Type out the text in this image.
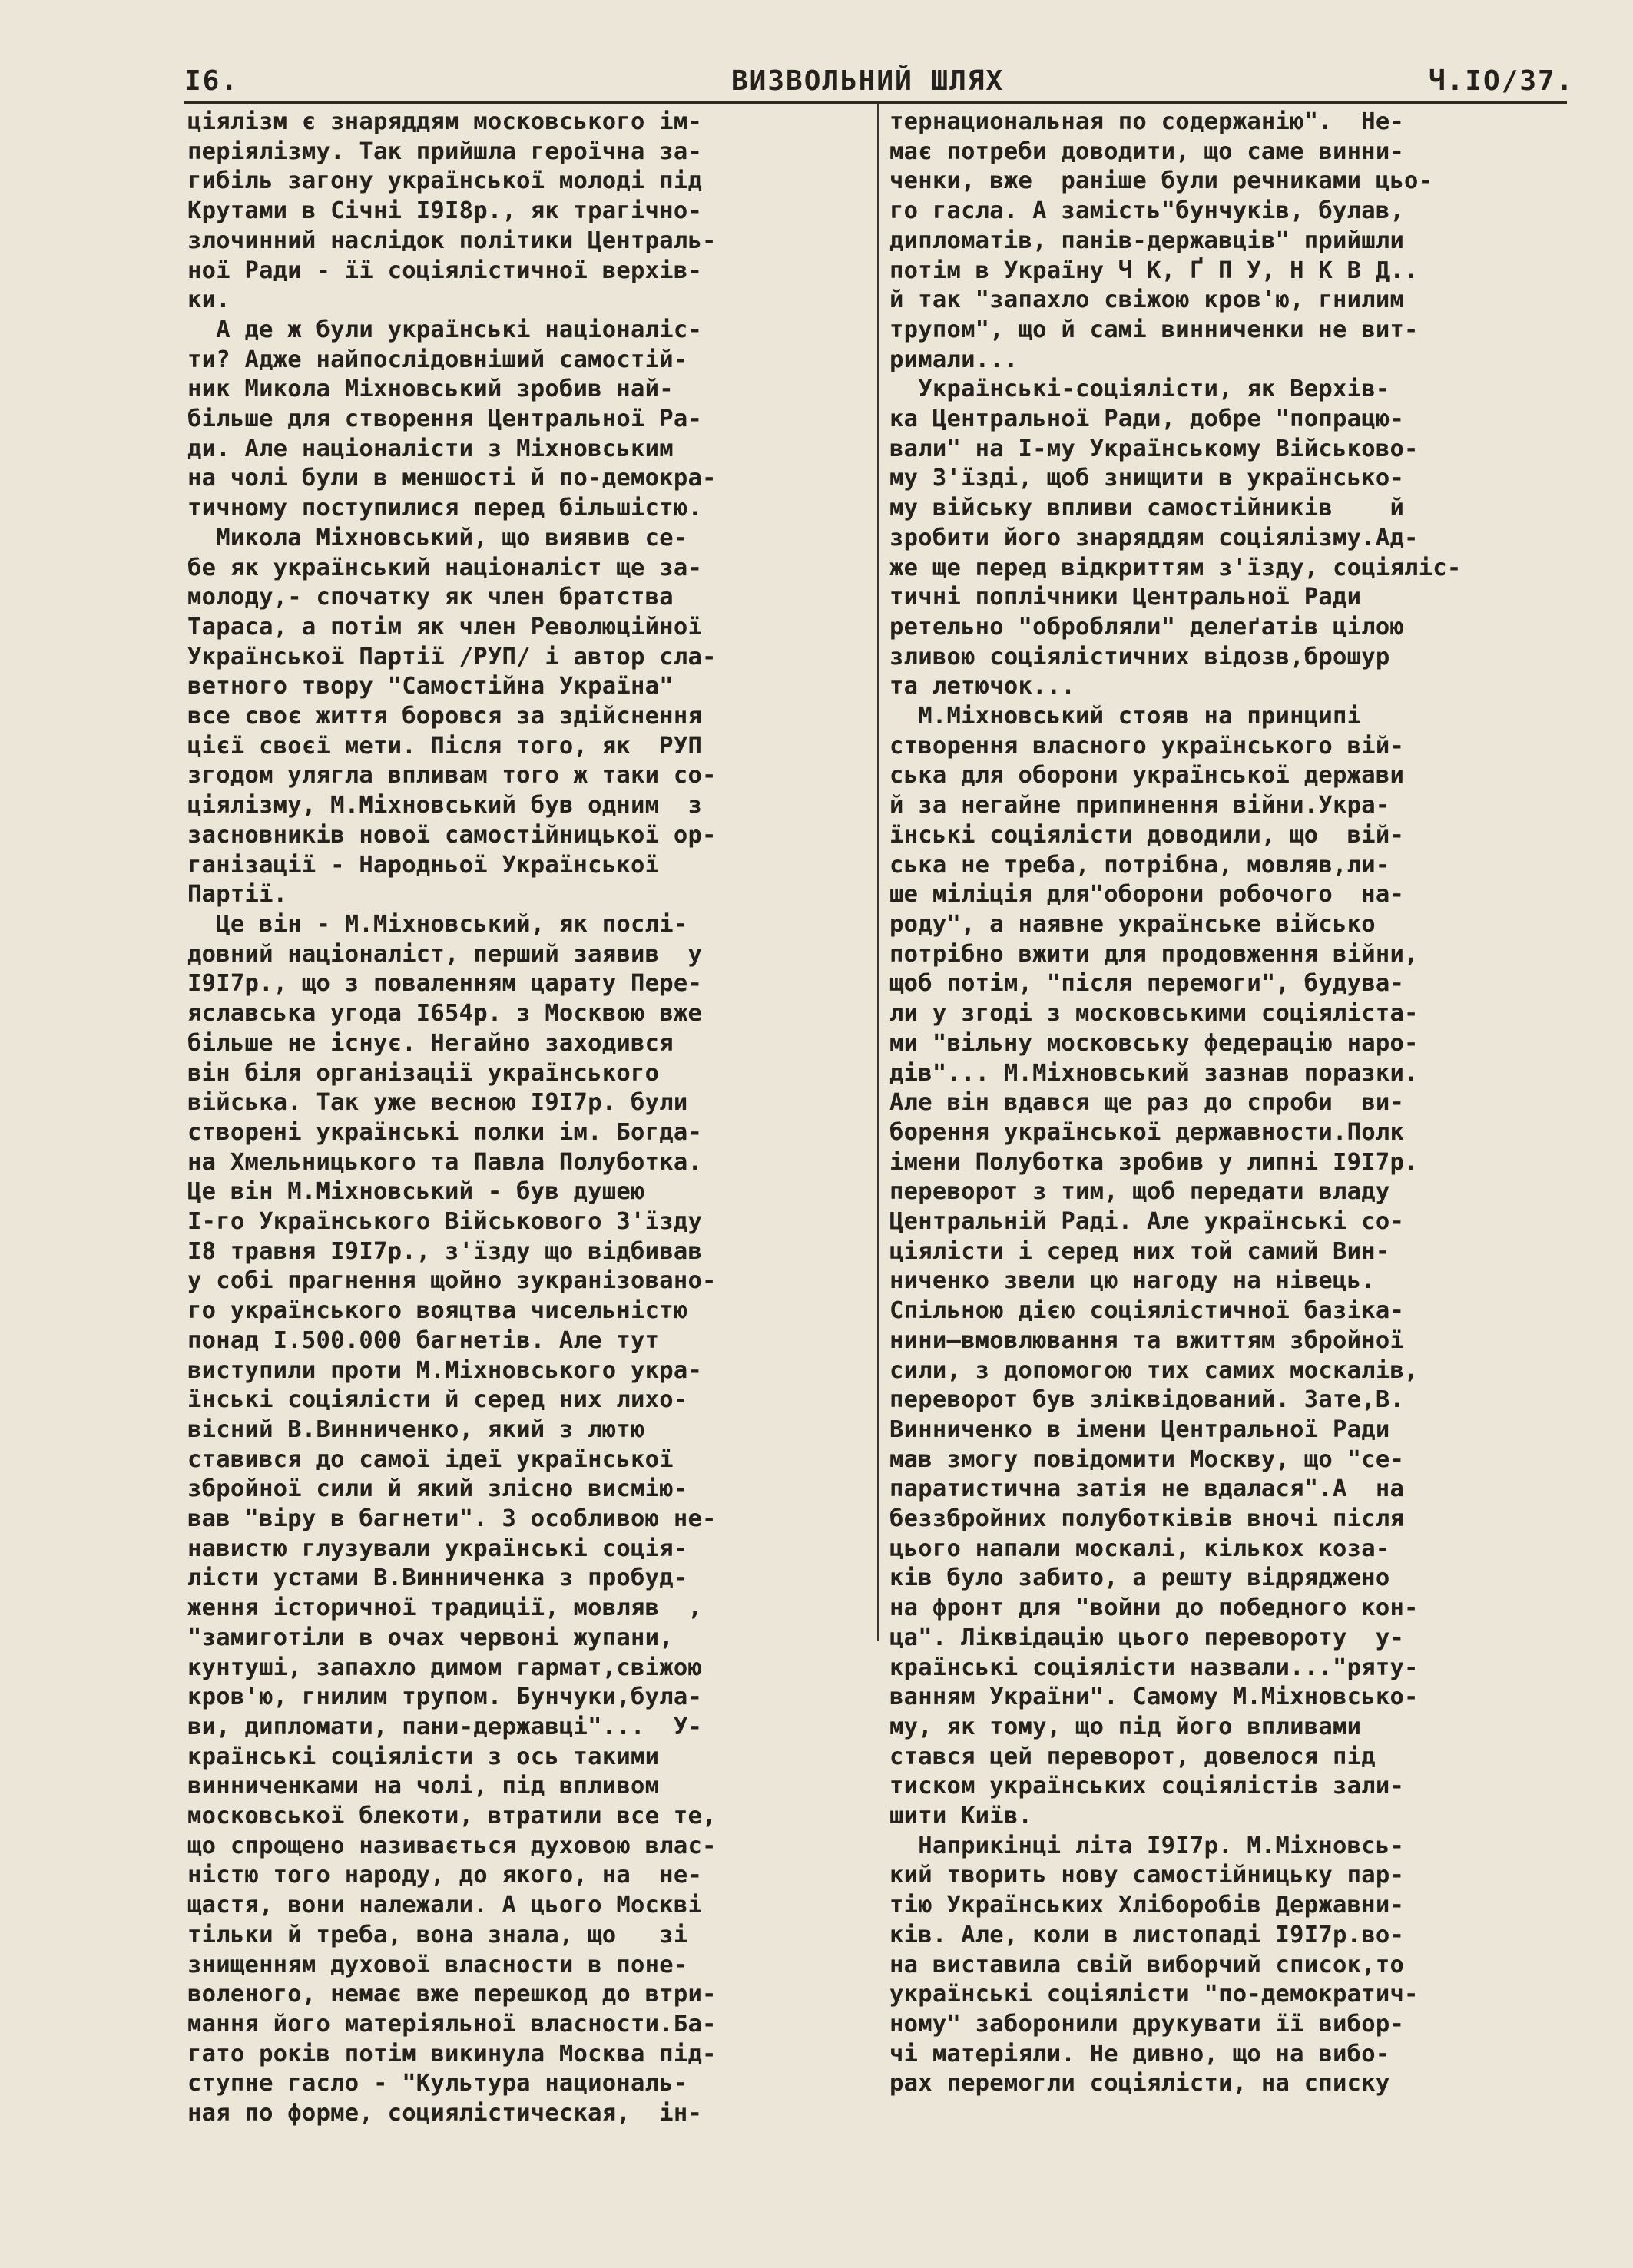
I6.	ВИЗВОЛЬНИЙ ШЛЯХ	Ч.IO/37.

ціялізм є знаряддям московського ім-
періялізму. Так прийшла героїчна за-
гибіль загону української молоді під
Крутами в Січні I9I8р., як трагічно-
злочинний наслідок політики Централь-
ної Ради - її соціялістичної верхів-
ки.

А де ж були українські націоналіс-
ти? Адже найпослідовніший самостій-
ник Микола Міхновський зробив най-
більше для створення Центральної Ра-
ди. Але націоналісти з Міхновським
на чолі були в меншості й по-демокра-
тичному поступилися перед більшістю.

Микола Міхновський, що виявив се-
бе як український націоналіст ще за-
молоду,- спочатку як член братства
Тараса, а потім як член Революційної
Української Партії /РУП/ і автор сла-
ветного твору "Самостійна Україна"
все своє життя боровся за здійснення
цієї своєї мети. Після того, як  РУП
згодом улягла впливам того ж таки со-
ціялізму, М.Міхновський був одним  з
засновників нової самостійницької ор-
ганізації - Народньої Української
Партії.

Це він - М.Міхновський, як послі-
довний націоналіст, перший заявив  у
I9I7р., що з поваленням царату Пере-
яславська угода I654р. з Москвою вже
більше не існує. Негайно заходився
він біля організації українського
війська. Так уже весною I9I7р. були
створені українські полки ім. Богда-
на Хмельницького та Павла Полуботка.
Це він М.Міхновський - був душею
I-го Українського Військового З'їзду
I8 травня I9I7р., з'їзду що відбивав
у собі прагнення щойно зукранізовано-
го українського вояцтва чисельністю
понад I.500.000 багнетів. Але тут
виступили проти М.Міхновського укра-
їнські соціялісти й серед них лихо-
вісний В.Винниченко, який з лютю
ставився до самої ідеї української
збройної сили й який злісно висмію-
вав "віру в багнети". З особливою не-
навистю глузували українські соція-
лісти устами В.Винниченка з пробуд-
ження історичної традиції, мовляв  ,
"замиготіли в очах червоні жупани,
кунтуші, запахло димом гармат,свіжою
кров'ю, гнилим трупом. Бунчуки,була-
ви, дипломати, пани-державці"...  У-
країнські соціялісти з ось такими
винниченками на чолі, під впливом
московської блекоти, втратили все те,
що спрощено називається духовою влас-
ністю того народу, до якого, на  не-
щастя, вони належали. А цього Москві
тільки й треба, вона знала, що   зі
знищенням духової власности в поне-
воленого, немає вже перешкод до втри-
мання його матеріяльної власности.Ба-
гато років потім викинула Москва під-
ступне гасло - "Культура националь-
ная по форме, социялістическая,  ін-

тернациональная по содержанію".  Не-
має потреби доводити, що саме винни-
ченки, вже  раніше були речниками цьо-
го гасла. А замість"бунчуків, булав,
дипломатів, панів-державців" прийшли
потім в Україну Ч К, Ґ П У, Н К В Д..
й так "запахло свіжою кров'ю, гнилим
трупом", що й самі винниченки не вит-
римали...

Українські-соціялісти, як Верхів-
ка Центральної Ради, добре "попрацю-
вали" на I-му Українському Військово-
му З'їзді, щоб знищити в українсько-
му війську впливи самостійників    й
зробити його знаряддям соціялізму.Ад-
же ще перед відкриттям з'їзду, соціяліс-
тичні поплічники Центральної Ради
ретельно "обробляли" делеґатів цілою
зливою соціялістичних відозв,брошур
та летючок...

М.Міхновський стояв на принципі
створення власного українського вій-
ська для оборони української держави
й за негайне припинення війни.Укра-
їнські соціялісти доводили, що  вій-
ська не треба, потрібна, мовляв,ли-
ше міліція для"оборони робочого  на-
роду", а наявне українське військо
потрібно вжити для продовження війни,
щоб потім, "після перемоги", будува-
ли у згоді з московськими соціяліста-
ми "вільну московську федерацію наро-
дів"... М.Міхновський зазнав поразки.
Але він вдався ще раз до спроби  ви-
борення української державности.Полк
імени Полуботка зробив у липні I9I7р.
переворот з тим, щоб передати владу
Центральній Раді. Але українські со-
ціялісти і серед них той самий Вин-
ниченко звели цю нагоду на нівець.
Спільною дією соціялістичної базіка-
нини—вмовлювання та вжиттям збройної
сили, з допомогою тих самих москалів,
переворот був зліквідований. Зате,В.
Винниченко в імени Центральної Ради
мав змогу повідомити Москву, що "се-
паратистична затія не вдалася".А  на
беззбройних полуботківів вночі після
цього напали москалі, кількох коза-
ків було забито, а решту відряджено
на фронт для "войни до победного кон-
ца". Ліквідацію цього перевороту  у-
країнські соціялісти назвали..."ряту-
ванням України". Самому М.Міхновсько-
му, як тому, що під його впливами
стався цей переворот, довелося під
тиском українських соціялістів зали-
шити Київ.

Наприкінці літа I9I7р. М.Міхновсь-
кий творить нову самостійницьку пар-
тію Українських Хліборобів Державни-
ків. Але, коли в листопаді I9I7р.во-
на виставила свій виборчий список,то
українські соціялісти "по-демократич-
ному" заборонили друкувати її вибор-
чі матеріяли. Не дивно, що на вибо-
рах перемогли соціялісти, на списку
